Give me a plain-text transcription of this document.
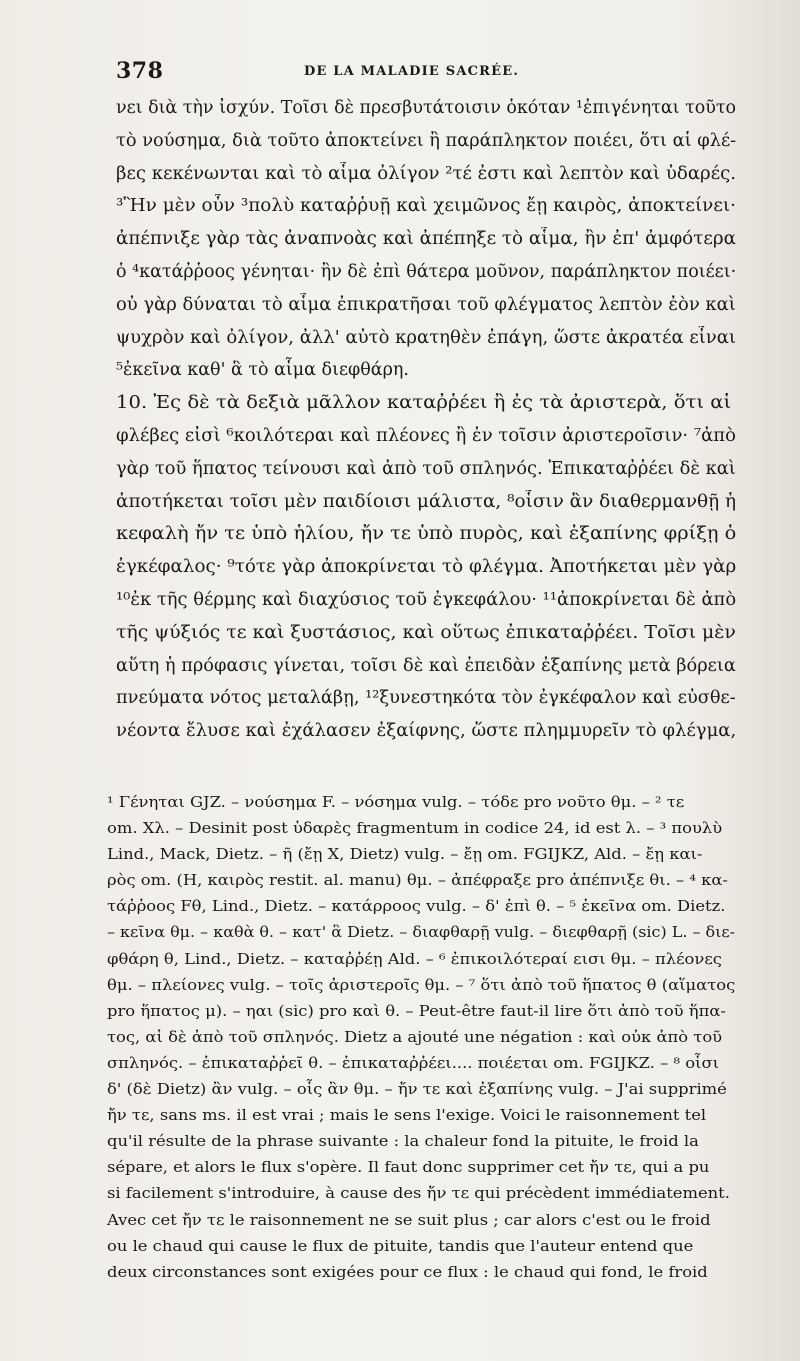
378	DE LA MALADIE SACRÉE.
νει διὰ τὴν ἰσχύν. Τοῖσι δὲ πρεσβυτάτοισιν ὁκόταν ¹ἐπιγένηται τοῦτο
τὸ νούσημα, διὰ τοῦτο ἀποκτείνει ἢ παράπληκτον ποιέει, ὅτι αἱ φλέ-
βες κεκένωνται καὶ τὸ αἷμα ὀλίγον ²τέ ἐστι καὶ λεπτὸν καὶ ὑδαρές.
³Ἢν μὲν οὖν ³πολὺ καταῤῥυῇ καὶ χειμῶνος ἔῃ καιρὸς, ἀποκτείνει·
ἀπέπνιξε γὰρ τὰς ἀναπνοὰς καὶ ἀπέπηξε τὸ αἷμα, ἢν ἐπ' ἀμφότερα
ὁ ⁴κατάῤῥοος γένηται· ἢν δὲ ἐπὶ θάτερα μοῦνον, παράπληκτον ποιέει·
οὐ γὰρ δύναται τὸ αἷμα ἐπικρατῆσαι τοῦ φλέγματος λεπτὸν ἐὸν καὶ
ψυχρὸν καὶ ὀλίγον, ἀλλ' αὐτὸ κρατηθὲν ἐπάγη, ὥστε ἀκρατέα εἶναι
⁵ἐκεῖνα καθ' ἃ τὸ αἷμα διεφθάρη.
10. Ἐς δὲ τὰ δεξιὰ μᾶλλον καταῤῥέει ἢ ἐς τὰ ἀριστερὰ, ὅτι αἱ
φλέβες εἰσὶ ⁶κοιλότεραι καὶ πλέονες ἢ ἐν τοῖσιν ἀριστεροῖσιν· ⁷ἀπὸ
γὰρ τοῦ ἥπατος τείνουσι καὶ ἀπὸ τοῦ σπληνός. Ἐπικαταῤῥέει δὲ καὶ
ἀποτήκεται τοῖσι μὲν παιδίοισι μάλιστα, ⁸οἷσιν ἂν διαθερμανθῇ ἡ
κεφαλὴ ἤν τε ὑπὸ ἡλίου, ἤν τε ὑπὸ πυρὸς, καὶ ἐξαπίνης φρίξῃ ὁ
ἐγκέφαλος· ⁹τότε γὰρ ἀποκρίνεται τὸ φλέγμα. Ἀποτήκεται μὲν γὰρ
¹⁰ἐκ τῆς θέρμης καὶ διαχύσιος τοῦ ἐγκεφάλου· ¹¹ἀποκρίνεται δὲ ἀπὸ
τῆς ψύξιός τε καὶ ξυστάσιος, καὶ οὕτως ἐπικαταῤῥέει. Τοῖσι μὲν
αὕτη ἡ πρόφασις γίνεται, τοῖσι δὲ καὶ ἐπειδὰν ἐξαπίνης μετὰ βόρεια
πνεύματα νότος μεταλάβῃ, ¹²ξυνεστηκότα τὸν ἐγκέφαλον καὶ εὐσθε-
νέοντα ἔλυσε καὶ ἐχάλασεν ἐξαίφνης, ὥστε πλημμυρεῖν τὸ φλέγμα,
¹ Γένηται GJZ. – νούσημα F. – νόσημα vulg. – τόδε pro νοῦτο θμ. – ² τε
om. Χλ. – Desinit post ὑδαρὲς fragmentum in codice 24, id est λ. – ³ πουλὺ
Lind., Mack, Dietz. – ῆ (ἔῃ X, Dietz) vulg. – ἔῃ om. FGIJKZ, Ald. – ἔῃ και-
ρὸς om. (H, καιρὸς restit. al. manu) θμ. – ἀπέφραξε pro ἀπέπνιξε θι. – ⁴ κα-
τάῤῥοος Fθ, Lind., Dietz. – κατάρροος vulg. – δ' ἐπὶ θ. – ⁵ ἐκεῖνα om. Dietz.
– κεῖνα θμ. – καθὰ θ. – κατ' ἃ Dietz. – διαφθαρῇ vulg. – διεφθαρῇ (sic) L. – διε-
φθάρη θ, Lind., Dietz. – καταῤῥέῃ Ald. – ⁶ ἐπικοιλότεραί εισι θμ. – πλέονες
θμ. – πλείονες vulg. – τοῖς ἀριστεροῖς θμ. – ⁷ ὅτι ἀπὸ τοῦ ἥπατος θ (αἵματος
pro ἥπατος μ). – ηαι (sic) pro καὶ θ. – Peut-être faut-il lire ὅτι ἀπὸ τοῦ ἥπα-
τος, αἱ δὲ ἀπὸ τοῦ σπληνός. Dietz a ajouté une négation : καὶ οὐκ ἀπὸ τοῦ
σπληνός. – ἐπικαταῤῥεῖ θ. – ἐπικαταῤῥέει.... ποιέεται om. FGIJKZ. – ⁸ οἷσι
δ' (δὲ Dietz) ἂν vulg. – οἷς ἂν θμ. – ἤν τε καὶ ἐξαπίνης vulg. – J'ai supprimé
ἤν τε, sans ms. il est vrai ; mais le sens l'exige. Voici le raisonnement tel
qu'il résulte de la phrase suivante : la chaleur fond la pituite, le froid la
sépare, et alors le flux s'opère. Il faut donc supprimer cet ἤν τε, qui a pu
si facilement s'introduire, à cause des ἤν τε qui précèdent immédiatement.
Avec cet ἤν τε le raisonnement ne se suit plus ; car alors c'est ou le froid
ou le chaud qui cause le flux de pituite, tandis que l'auteur entend que
deux circonstances sont exigées pour ce flux : le chaud qui fond, le froid
